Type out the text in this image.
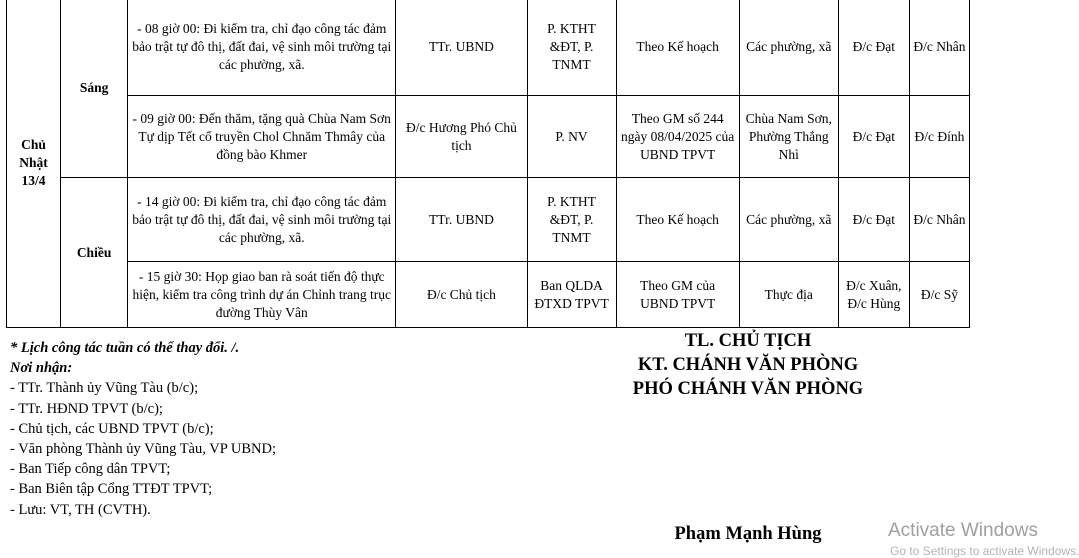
Chủ Nhật 13/4	Sáng	- 08 giờ 00: Đi kiểm tra, chỉ đạo công tác đảm bảo trật tự đô thị, đất đai, vệ sinh môi trường tại các phường, xã.	TTr. UBND	P. KTHT &ĐT, P. TNMT	Theo Kế hoạch	Các phường, xã	Đ/c Đạt	Đ/c Nhân
		- 09 giờ 00: Đến thăm, tặng quà Chùa Nam Sơn Tự dịp Tết cổ truyền Chol Chnăm Thmây của đồng bào Khmer	Đ/c Hương Phó Chủ tịch	P. NV	Theo GM số 244 ngày 08/04/2025 của UBND TPVT	Chùa Nam Sơn, Phường Thắng Nhì	Đ/c Đạt	Đ/c Đính
	Chiều	- 14 giờ 00: Đi kiểm tra, chỉ đạo công tác đảm bảo trật tự đô thị, đất đai, vệ sinh môi trường tại các phường, xã.	TTr. UBND	P. KTHT &ĐT, P. TNMT	Theo Kế hoạch	Các phường, xã	Đ/c Đạt	Đ/c Nhân
		- 15 giờ 30: Họp giao ban rà soát tiến độ thực hiện, kiểm tra công trình dự án Chỉnh trang trục đường Thùy Vân	Đ/c Chủ tịch	Ban QLDA ĐTXD TPVT	Theo GM của UBND TPVT	Thực địa	Đ/c Xuân, Đ/c Hùng	Đ/c Sỹ
* Lịch công tác tuần có thể thay đổi. /.
Nơi nhận:
- TTr. Thành ủy Vũng Tàu (b/c);
- TTr. HĐND TPVT (b/c);
- Chủ tịch, các UBND TPVT (b/c);
- Văn phòng Thành ủy Vũng Tàu, VP UBND;
- Ban Tiếp công dân TPVT;
- Ban Biên tập Cổng TTĐT TPVT;
- Lưu: VT, TH (CVTH).
TL. CHỦ TỊCH
KT. CHÁNH VĂN PHÒNG
PHÓ CHÁNH VĂN PHÒNG
Phạm Mạnh Hùng	Activate Windows
Go to Settings to activate Windows.
